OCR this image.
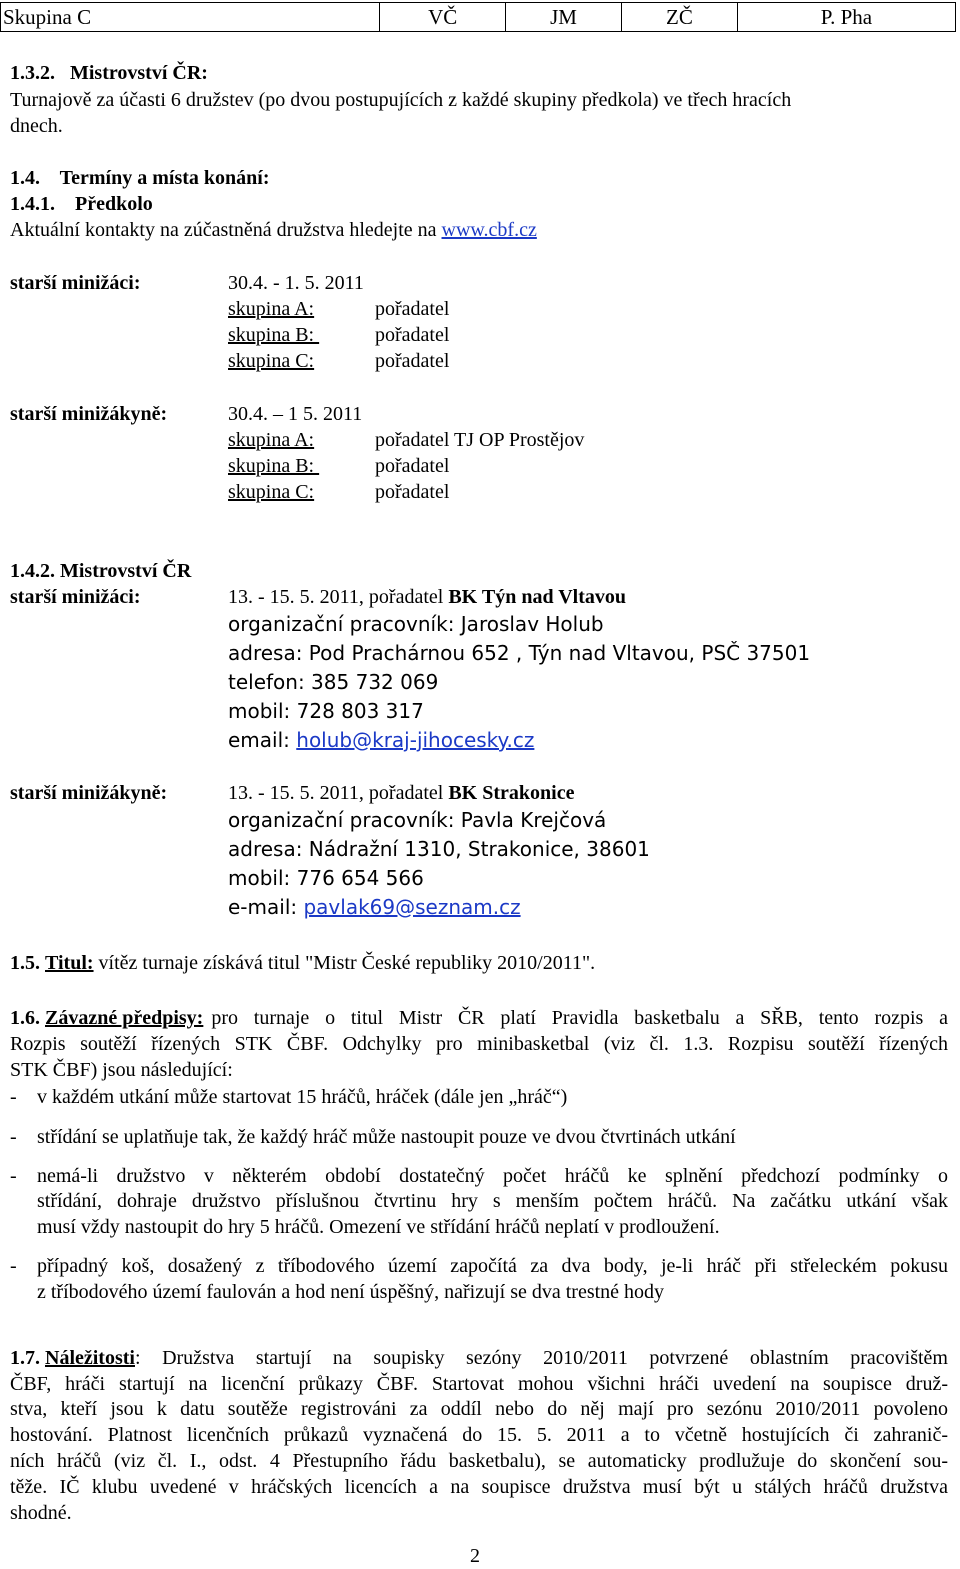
Skupina C	VČ	JM	ZČ	P. Pha
1.3.2. Mistrovství ČR:
Turnajově za účasti 6 družstev (po dvou postupujících z každé skupiny předkola) ve třech hracích
dnech.
1.4. Termíny a místa konání:
1.4.1. Předkolo
Aktuální kontakty na zúčastněná družstva hledejte na www.cbf.cz
starší minižáci:	30.4. - 1. 5. 2011
skupina A:	pořadatel
skupina B:	pořadatel
skupina C:	pořadatel
starší minižákyně:	30.4. – 1 5. 2011
skupina A:	pořadatel TJ OP Prostějov
skupina B:	pořadatel
skupina C:	pořadatel
1.4.2. Mistrovství ČR
starší minižáci:	13. - 15. 5. 2011, pořadatel BK Týn nad Vltavou
organizační pracovník: Jaroslav Holub
adresa: Pod Prachárnou 652 , Týn nad Vltavou, PSČ 37501
telefon: 385 732 069
mobil: 728 803 317
email: holub@kraj-jihocesky.cz
starší minižákyně:	13. - 15. 5. 2011, pořadatel BK Strakonice
organizační pracovník: Pavla Krejčová
adresa: Nádražní 1310, Strakonice, 38601
mobil: 776 654 566
e-mail: pavlak69@seznam.cz
1.5. Titul: vítěz turnaje získává titul "Mistr České republiky 2010/2011".
1.6. Závazné předpisy: pro turnaje o titul Mistr ČR platí Pravidla basketbalu a SŘB, tento rozpis a
Rozpis soutěží řízených STK ČBF. Odchylky pro minibasketbal (viz čl. 1.3. Rozpisu soutěží řízených
STK ČBF) jsou následující:
- v každém utkání může startovat 15 hráčů, hráček (dále jen „hráč“)
- střídání se uplatňuje tak, že každý hráč může nastoupit pouze ve dvou čtvrtinách utkání
- nemá-li družstvo v některém období dostatečný počet hráčů ke splnění předchozí podmínky o
střídání, dohraje družstvo příslušnou čtvrtinu hry s menším počtem hráčů. Na začátku utkání však
musí vždy nastoupit do hry 5 hráčů. Omezení ve střídání hráčů neplatí v prodloužení.
- případný koš, dosažený z tříbodového území započítá za dva body, je-li hráč při střeleckém pokusu
z tříbodového území faulován a hod není úspěšný, nařizují se dva trestné hody
1.7. Náležitosti : Družstva startují na soupisky sezóny 2010/2011 potvrzené oblastním pracovištěm
ČBF, hráči startují na licenční průkazy ČBF. Startovat mohou všichni hráči uvedení na soupisce druž-
stva, kteří jsou k datu soutěže registrováni za oddíl nebo do něj mají pro sezónu 2010/2011 povoleno
hostování. Platnost licenčních průkazů vyznačená do 15. 5. 2011 a to včetně hostujících či zahranič-
ních hráčů (viz čl. I., odst. 4 Přestupního řádu basketbalu), se automaticky prodlužuje do skončení sou-
těže. IČ klubu uvedené v hráčských licencích a na soupisce družstva musí být u stálých hráčů družstva
shodné.
2
